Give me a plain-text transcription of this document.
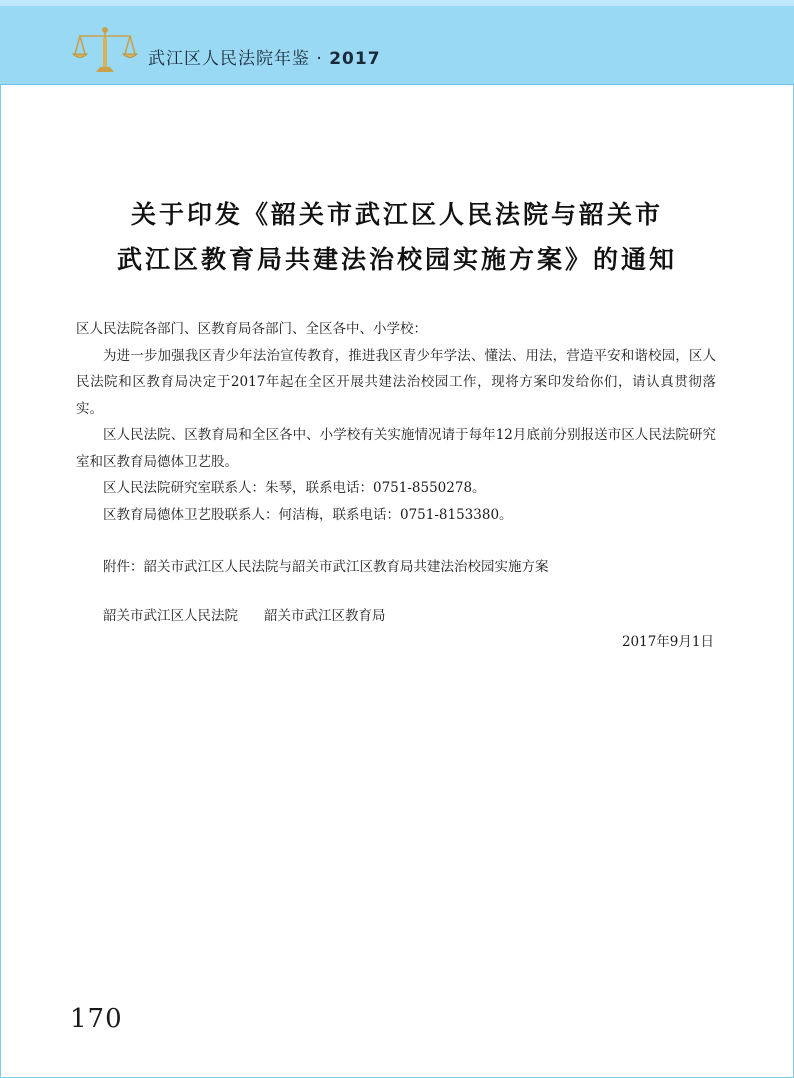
武江区人民法院年鉴 · 2017
关于印发《韶关市武江区人民法院与韶关市
武江区教育局共建法治校园实施方案》的通知

区人民法院各部门、区教育局各部门、全区各中、小学校：

为进一步加强我区青少年法治宣传教育，推进我区青少年学法、懂法、用法，营造平安和谐校园，区人民法院和区教育局决定于2017年起在全区开展共建法治校园工作，现将方案印发给你们，请认真贯彻落实。

区人民法院、区教育局和全区各中、小学校有关实施情况请于每年12月底前分别报送市区人民法院研究室和区教育局德体卫艺股。

区人民法院研究室联系人：朱琴，联系电话：0751-8550278。

区教育局德体卫艺股联系人：何洁梅，联系电话：0751-8153380。

附件：韶关市武江区人民法院与韶关市武江区教育局共建法治校园实施方案

韶关市武江区人民法院 韶关市武江区教育局

2017年9月1日

170
